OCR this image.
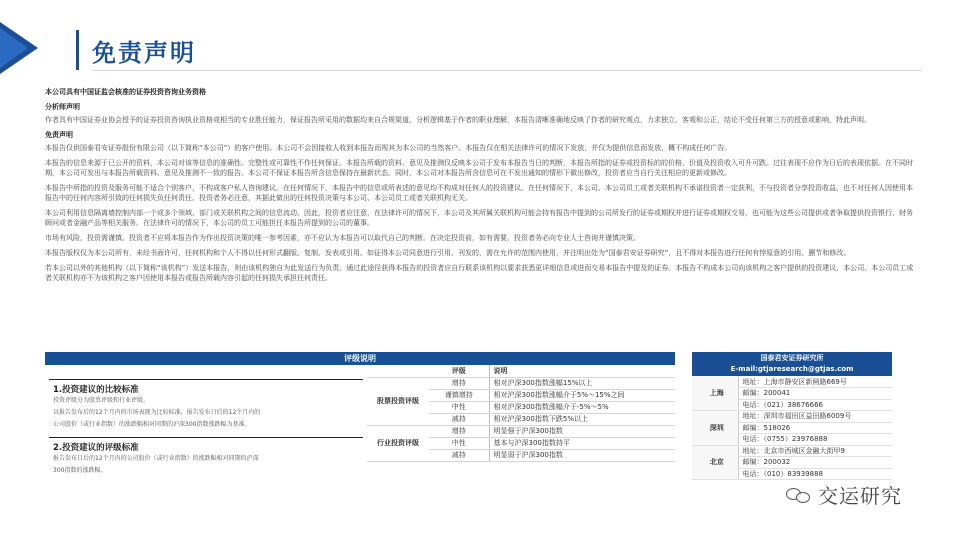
免责声明
本公司具有中国证监会核准的证券投资咨询业务资格
分析师声明
作者具有中国证券业协会授予的证券投资咨询执业资格或相当的专业胜任能力，保证报告所采用的数据均来自合规渠道，分析逻辑基于作者的职业理解，本报告清晰准确地反映了作者的研究观点，力求独立、客观和公正，结论不受任何第三方的授意或影响，特此声明。
免责声明
本报告仅供国泰君安证券股份有限公司（以下简称“本公司”）的客户使用。本公司不会因接收人收到本报告而视其为本公司的当然客户。本报告仅在相关法律许可的情况下发放，并仅为提供信息而发放，概不构成任何广告。
本报告的信息来源于已公开的资料，本公司对该等信息的准确性、完整性或可靠性不作任何保证。本报告所载的资料、意见及推测仅反映本公司于发布本报告当日的判断，本报告所指的证券或投资标的的价格、价值及投资收入可升可跌。过往表现不应作为日后的表现依据。在不同时期，本公司可发出与本报告所载资料、意见及推测不一致的报告。本公司不保证本报告所含信息保持在最新状态。同时，本公司对本报告所含信息可在不发出通知的情形下做出修改，投资者应当自行关注相应的更新或修改。
本报告中所指的投资及服务可能不适合个别客户，不构成客户私人咨询建议。在任何情况下，本报告中的信息或所表述的意见均不构成对任何人的投资建议。在任何情况下，本公司、本公司员工或者关联机构不承诺投资者一定获利，不与投资者分享投资收益，也不对任何人因使用本报告中的任何内容所引致的任何损失负任何责任。投资者务必注意，其据此做出的任何投资决策与本公司、本公司员工或者关联机构无关。
本公司利用信息隔离墙控制内部一个或多个领域、部门或关联机构之间的信息流动。因此，投资者应注意，在法律许可的情况下，本公司及其所属关联机构可能会持有报告中提到的公司所发行的证券或期权并进行证券或期权交易，也可能为这些公司提供或者争取提供投资银行、财务顾问或者金融产品等相关服务。在法律许可的情况下，本公司的员工可能担任本报告所提到的公司的董事。
市场有风险，投资需谨慎。投资者不应将本报告作为作出投资决策的唯一参考因素，亦不应认为本报告可以取代自己的判断。在决定投资前，如有需要，投资者务必向专业人士咨询并谨慎决策。
本报告版权仅为本公司所有，未经书面许可，任何机构和个人不得以任何形式翻版、复制、发表或引用。如征得本公司同意进行引用、刊发的，需在允许的范围内使用，并注明出处为“国泰君安证券研究”，且不得对本报告进行任何有悖原意的引用、删节和修改。
若本公司以外的其他机构（以下简称“该机构”）发送本报告，则由该机构独自为此发送行为负责。通过此途径获得本报告的投资者应自行联系该机构以要求获悉更详细信息或进而交易本报告中提及的证券。本报告不构成本公司向该机构之客户提供的投资建议，本公司、本公司员工或者关联机构亦不为该机构之客户因使用本报告或报告所载内容引起的任何损失承担任何责任。
评级说明
1.投资建议的比较标准
投资评级分为股票评级和行业评级。
以报告发布后的12个月内的市场表现为比较标准，报告发布日后的12个月内的
公司股价（或行业指数）的涨跌幅相对同期的沪深300指数涨跌幅为基准。
2.投资建议的评级标准
报告发布日后的12个月内的公司股价（或行业指数）的涨跌幅相对同期的沪深
300指数的涨跌幅。
	评级	说明
股票投资评级	增持	相对沪深300指数涨幅15%以上
	谨慎增持	相对沪深300指数涨幅介于5%～15%之间
	中性	相对沪深300指数涨幅介于-5%～5%
	减持	相对沪深300指数下跌5%以上
行业投资评级	增持	明显强于沪深300指数
	中性	基本与沪深300指数持平
	减持	明显弱于沪深300指数
国泰君安证券研究所
E-mail:gtjaresearch@gtjas.com
上海	地址：上海市静安区新闸路669号
	邮编：200041
	电话：（021）38676666
深圳	地址：深圳市福田区益田路6009号
	邮编：518026
	电话：（0755）23976888
北京	地址：北京市西城区金融大街甲9
	邮编：200032
	电话：（010）83939888
交运研究
